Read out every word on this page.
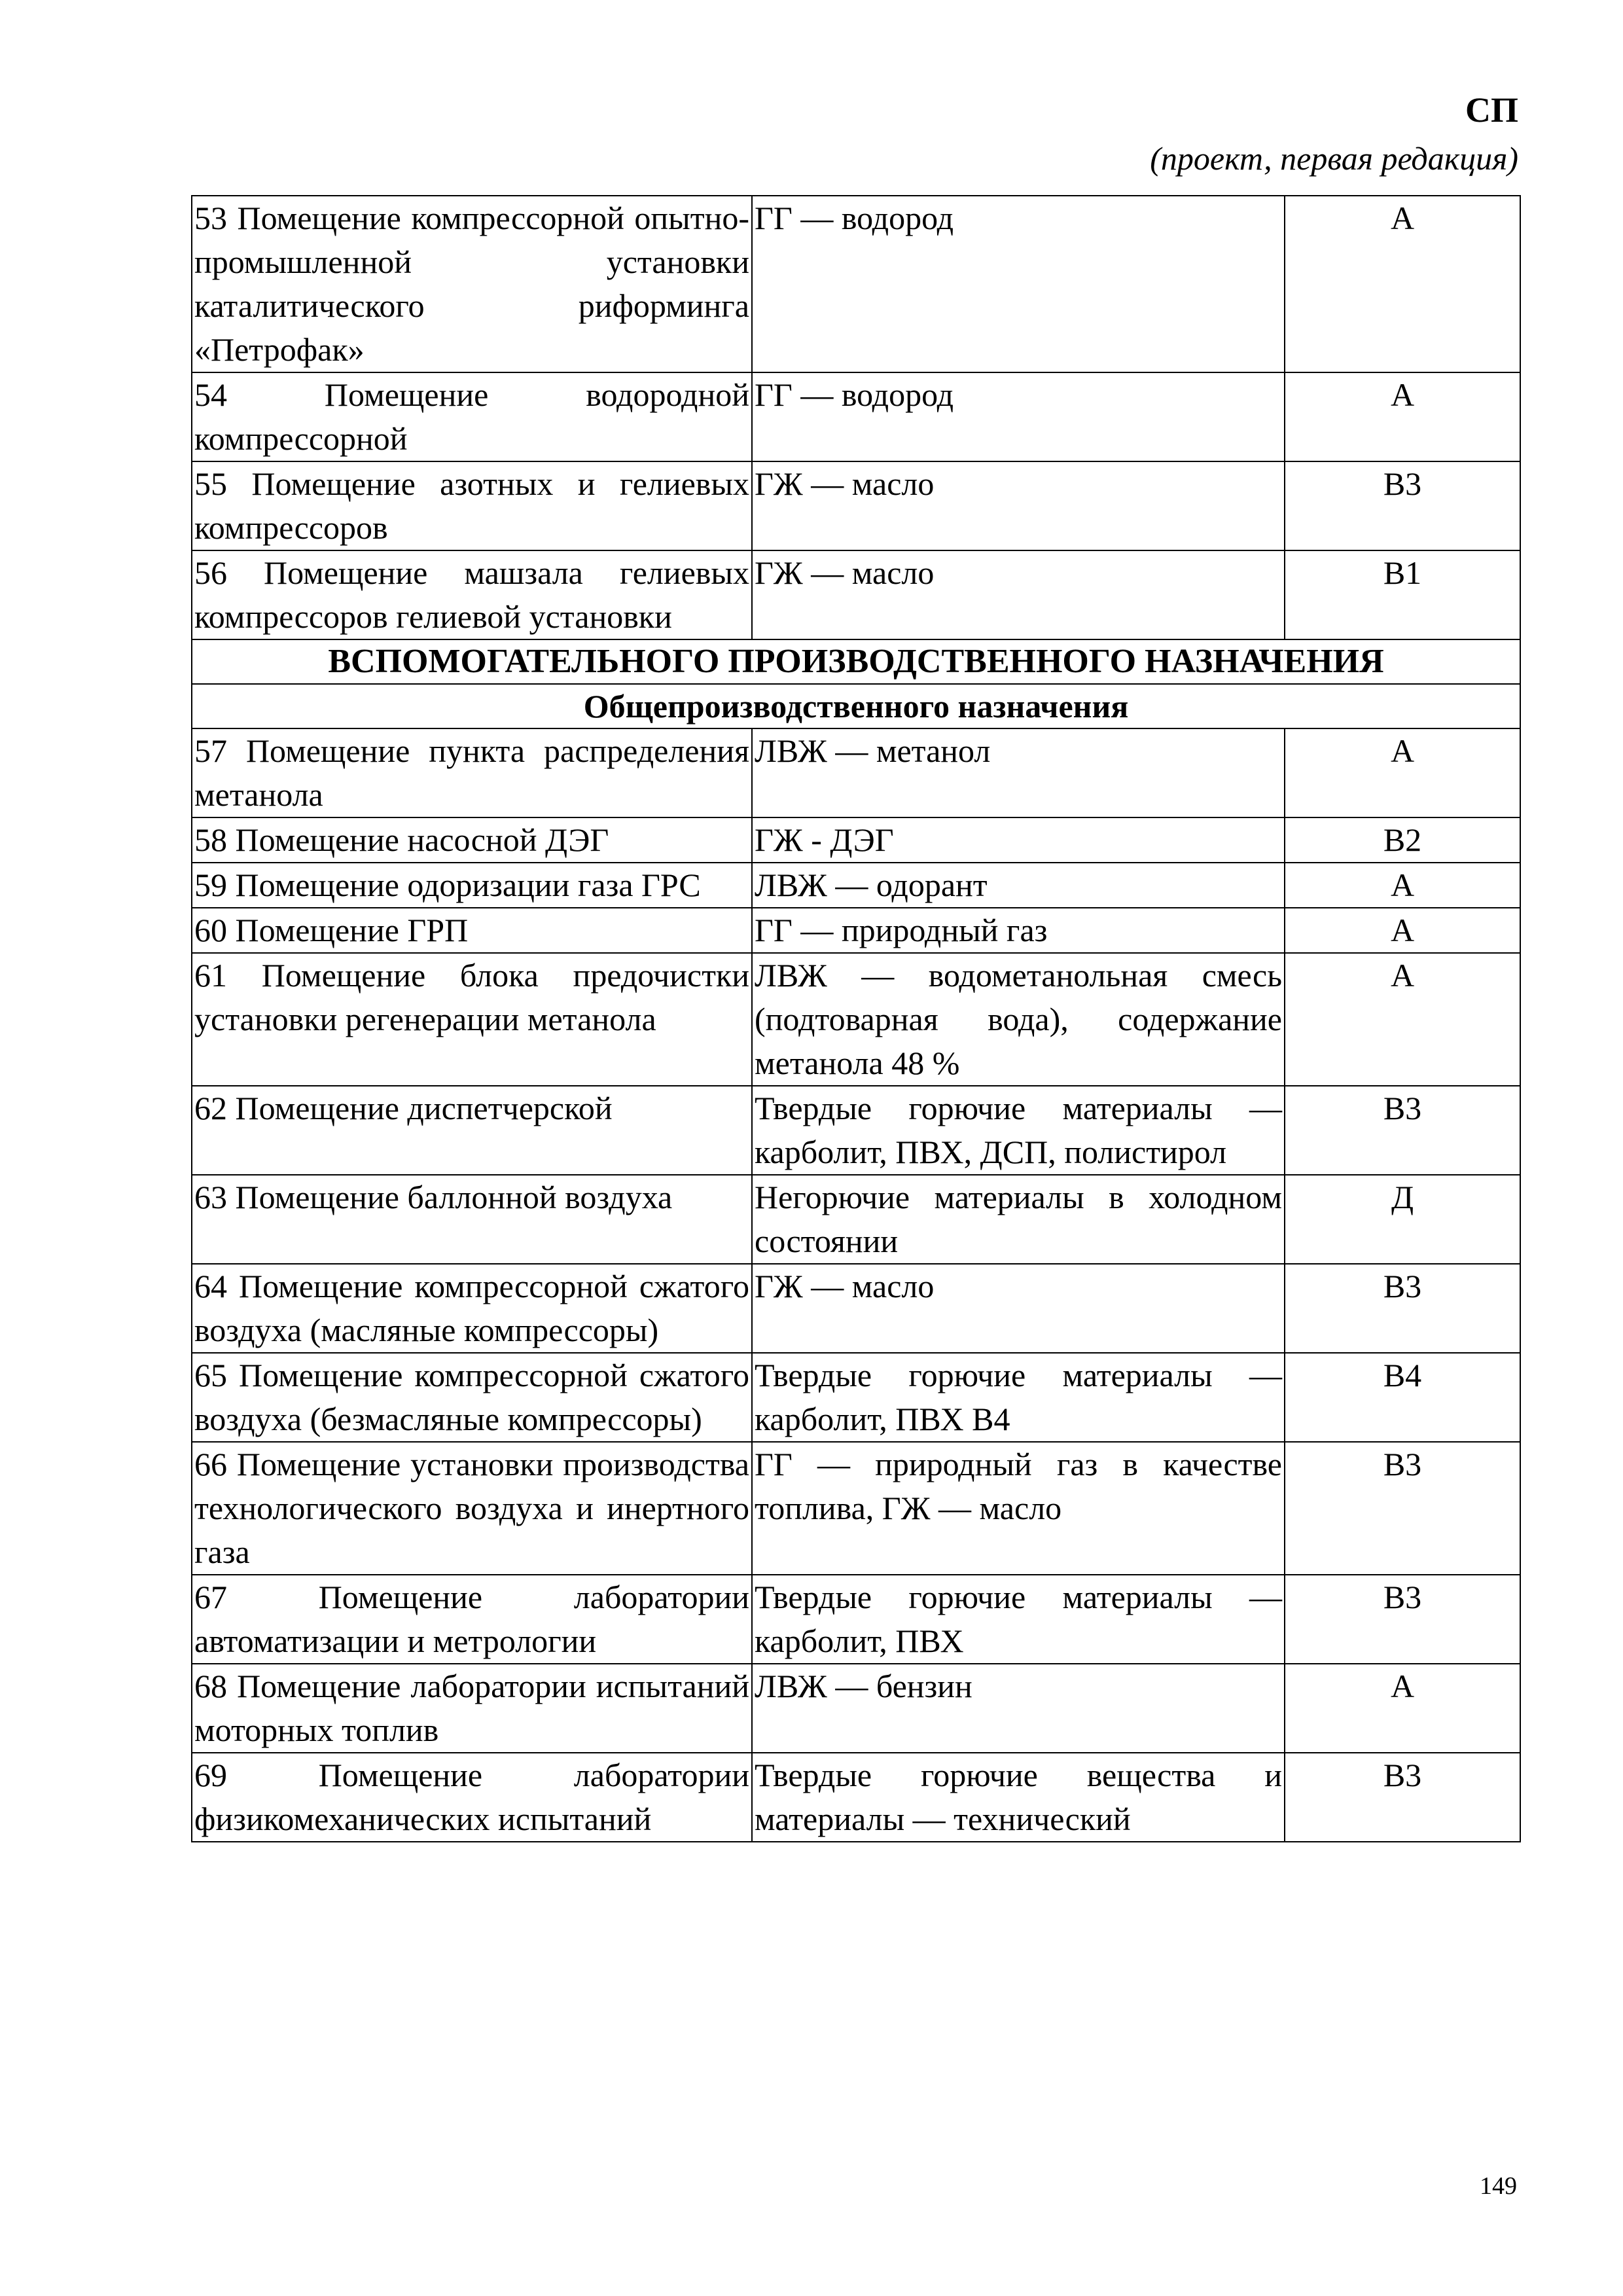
СП
(проект, первая редакция)
53 Помещение компрессорной опытно-промышленной установки каталитического риформинга «Петрофак»	ГГ — водород	А
54 Помещение водородной компрессорной	ГГ — водород	А
55 Помещение азотных и гелиевых компрессоров	ГЖ — масло	В3
56 Помещение машзала гелиевых компрессоров гелиевой установки	ГЖ — масло	В1
ВСПОМОГАТЕЛЬНОГО ПРОИЗВОДСТВЕННОГО НАЗНАЧЕНИЯ		
Общепроизводственного назначения		
57 Помещение пункта распределения метанола	ЛВЖ — метанол	А
58 Помещение насосной ДЭГ	ГЖ - ДЭГ	В2
59 Помещение одоризации газа ГРС	ЛВЖ — одорант	А
60 Помещение ГРП	ГГ — природный газ	А
61 Помещение блока предочистки установки регенерации метанола	ЛВЖ — водометанольная смесь (подтоварная вода), содержание метанола 48 %	А
62 Помещение диспетчерской	Твердые горючие материалы — карболит, ПВХ, ДСП, полистирол	В3
63 Помещение баллонной воздуха	Негорючие материалы в холодном состоянии	Д
64 Помещение компрессорной сжатого воздуха (масляные компрессоры)	ГЖ — масло	В3
65 Помещение компрессорной сжатого воздуха (безмасляные компрессоры)	Твердые горючие материалы — карболит, ПВХ В4	В4
66 Помещение установки производства технологического воздуха и инертного газа	ГГ — природный газ в качестве топлива, ГЖ — масло	В3
67 Помещение лаборатории автоматизации и метрологии	Твердые горючие материалы — карболит, ПВХ	В3
68 Помещение лаборатории испытаний моторных топлив	ЛВЖ — бензин	А
69 Помещение лаборатории физикомеханических испытаний	Твердые горючие вещества и материалы — технический	В3
149
